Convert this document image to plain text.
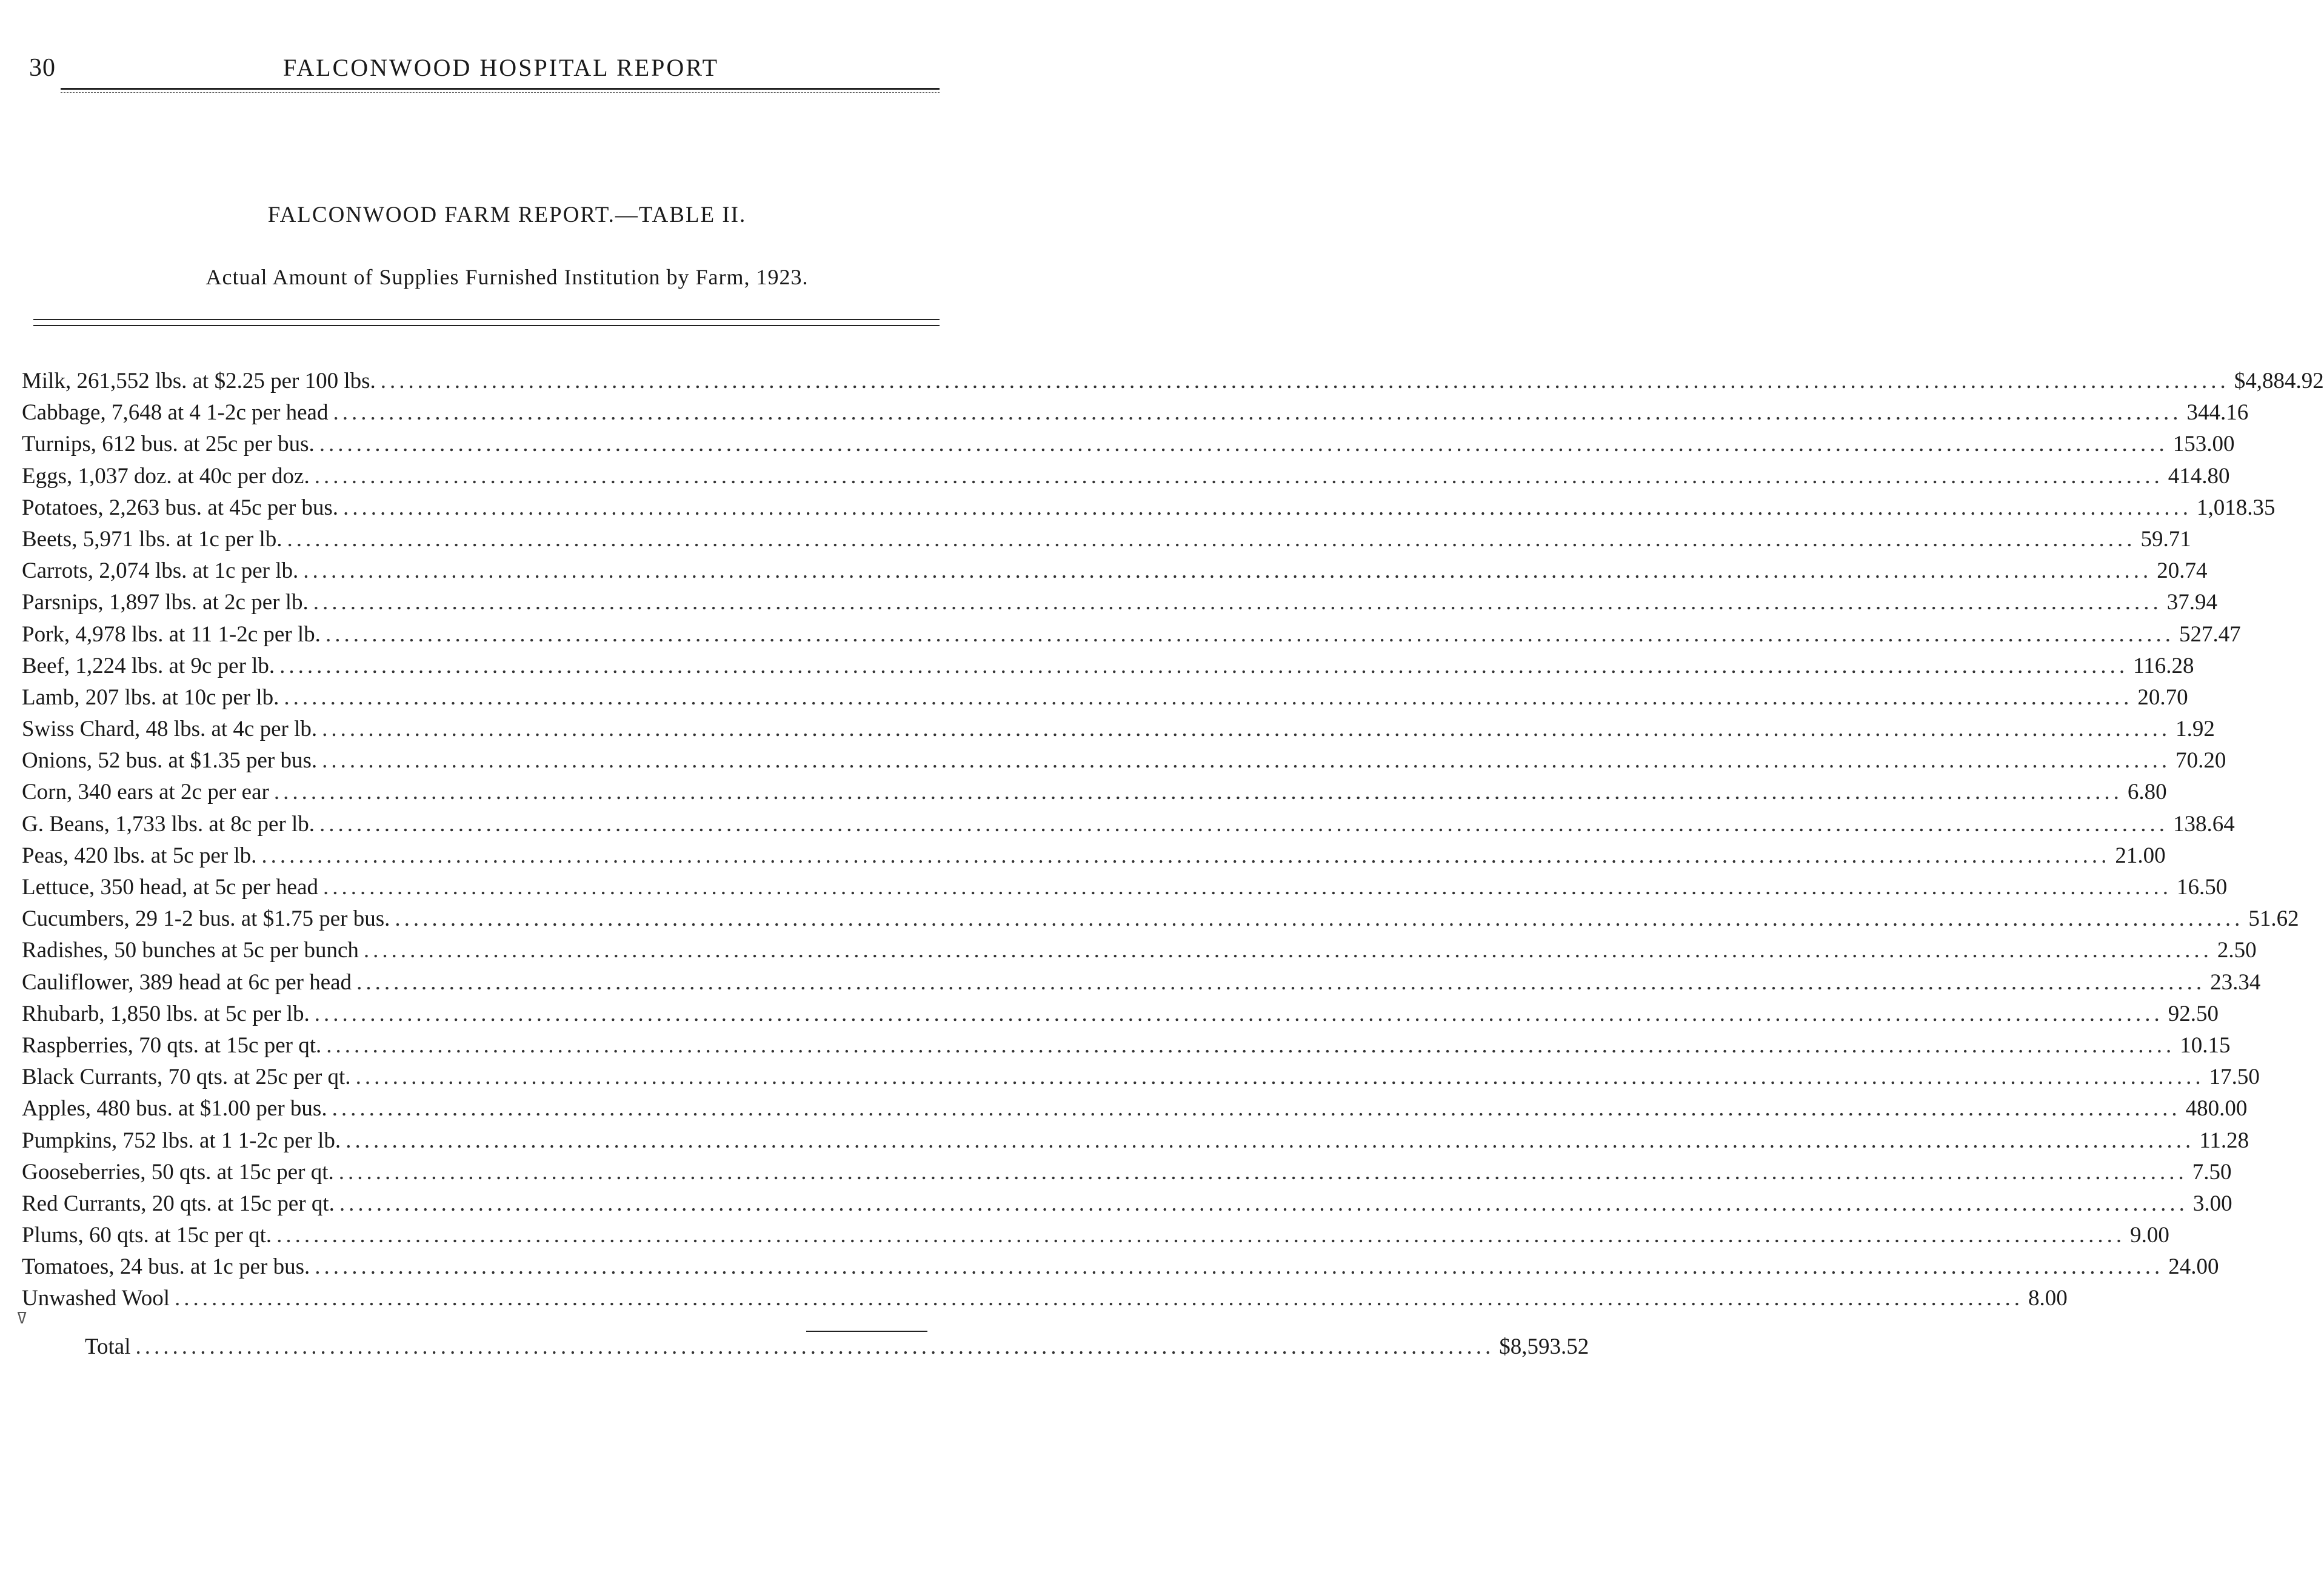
30	FALCONWOOD HOSPITAL REPORT
FALCONWOOD FARM REPORT.—TABLE II.
Actual Amount of Supplies Furnished Institution by Farm, 1923.
Milk, 261,552 lbs. at $2.25 per 100 lbs. ........................................................................................................................................................................................................ $ 4,884.92
Cabbage, 7,648 at 4 1-2c per head ........................................................................................................................................................................................................ 344.16
Turnips, 612 bus. at 25c per bus. ........................................................................................................................................................................................................ 153.00
Eggs, 1,037 doz. at 40c per doz. ........................................................................................................................................................................................................ 414.80
Potatoes, 2,263 bus. at 45c per bus. ........................................................................................................................................................................................................ 1,018.35
Beets, 5,971 lbs. at 1c per lb. ........................................................................................................................................................................................................ 59.71
Carrots, 2,074 lbs. at 1c per lb. ........................................................................................................................................................................................................ 20.74
Parsnips, 1,897 lbs. at 2c per lb. ........................................................................................................................................................................................................ 37.94
Pork, 4,978 lbs. at 11 1-2c per lb. ........................................................................................................................................................................................................ 527.47
Beef, 1,224 lbs. at 9c per lb. ........................................................................................................................................................................................................ 116.28
Lamb, 207 lbs. at 10c per lb. ........................................................................................................................................................................................................ 20.70
Swiss Chard, 48 lbs. at 4c per lb. ........................................................................................................................................................................................................ 1.92
Onions, 52 bus. at $1.35 per bus. ........................................................................................................................................................................................................ 70.20
Corn, 340 ears at 2c per ear ........................................................................................................................................................................................................ 6.80
G. Beans, 1,733 lbs. at 8c per lb. ........................................................................................................................................................................................................ 138.64
Peas, 420 lbs. at 5c per lb. ........................................................................................................................................................................................................ 21.00
Lettuce, 350 head, at 5c per head ........................................................................................................................................................................................................ 16.50
Cucumbers, 29 1-2 bus. at $1.75 per bus. ........................................................................................................................................................................................................ 51.62
Radishes, 50 bunches at 5c per bunch ........................................................................................................................................................................................................ 2.50
Cauliflower, 389 head at 6c per head ........................................................................................................................................................................................................ 23.34
Rhubarb, 1,850 lbs. at 5c per lb. ........................................................................................................................................................................................................ 92.50
Raspberries, 70 qts. at 15c per qt. ........................................................................................................................................................................................................ 10.15
Black Currants, 70 qts. at 25c per qt. ........................................................................................................................................................................................................ 17.50
Apples, 480 bus. at $1.00 per bus. ........................................................................................................................................................................................................ 480.00
Pumpkins, 752 lbs. at 1 1-2c per lb. ........................................................................................................................................................................................................ 11.28
Gooseberries, 50 qts. at 15c per qt. ........................................................................................................................................................................................................ 7.50
Red Currants, 20 qts. at 15c per qt. ........................................................................................................................................................................................................ 3.00
Plums, 60 qts. at 15c per qt. ........................................................................................................................................................................................................ 9.00
Tomatoes, 24 bus. at 1c per bus. ........................................................................................................................................................................................................ 24.00
Unwashed Wool ........................................................................................................................................................................................................ 8.00
ߜ
Total ................................................................................................................................................... $ 8,593.52
